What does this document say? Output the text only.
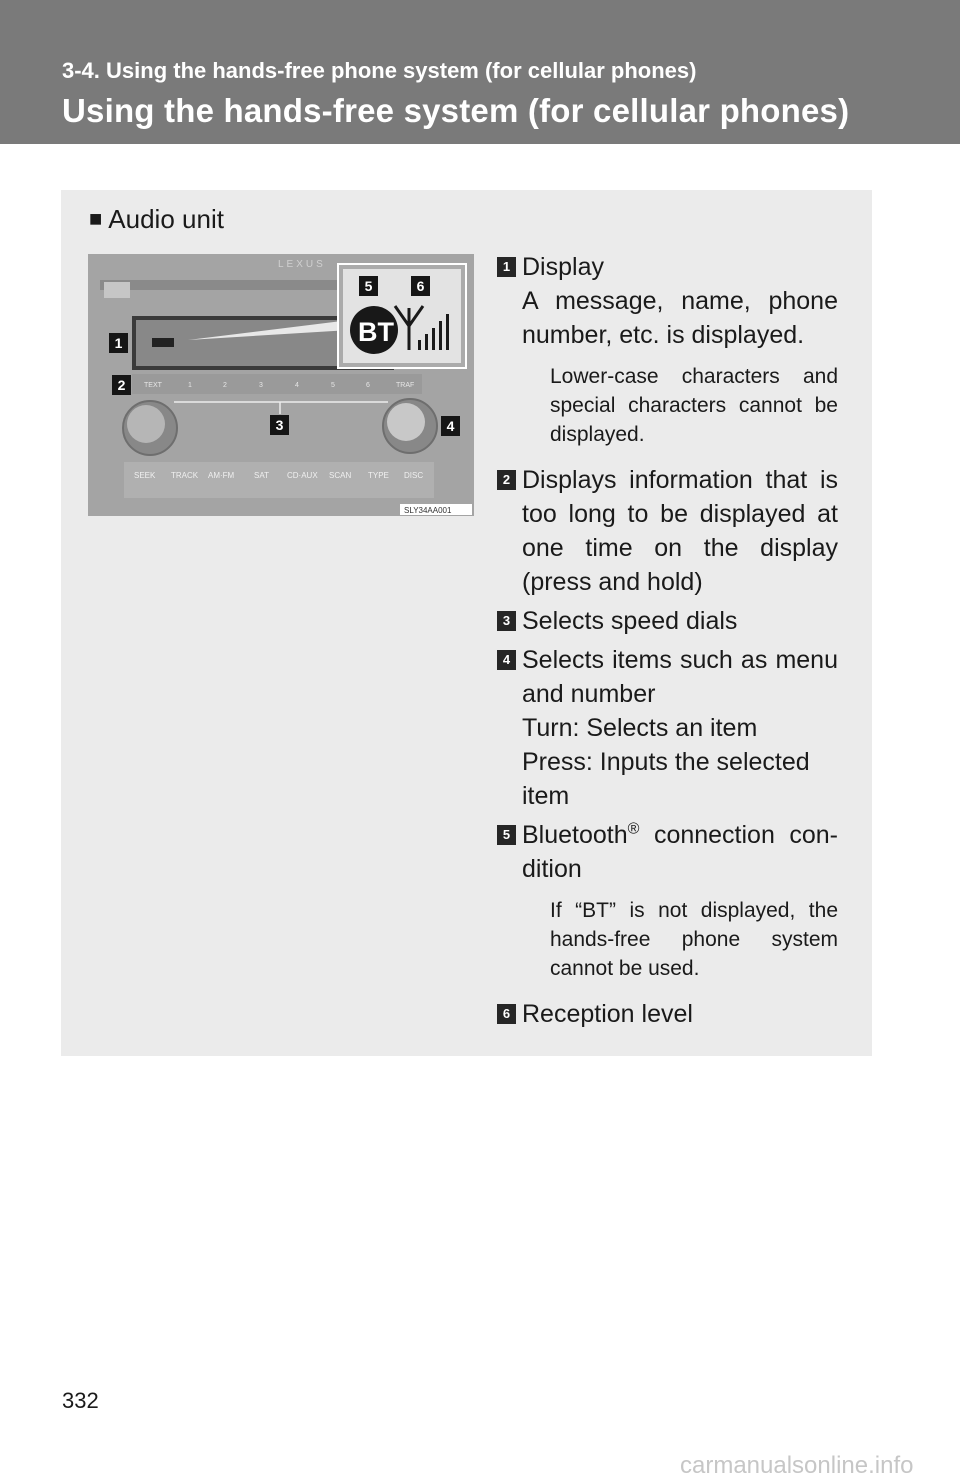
3-4. Using the hands-free phone system (for cellular phones)

Using the hands-free system (for cellular phones)
■ Audio unit
LEXUS
BT
TEXT	1	2	3	4	5	6	TRAF
SEEK TRACK AM·FM SAT CD·AUX SCAN TYPE DISC
SLY34AA001
1
2
3	4
5	6
1 Display
A message, name, phone number, etc. is displayed.
Lower-case characters and special characters cannot be displayed.
2 Displays information that is too long to be displayed at one time on the display (press and hold)
3 Selects speed dials
4 Selects items such as menu and number
Turn: Selects an item
Press: Inputs the selected item
5 Bluetooth® connection con-dition
If “BT” is not displayed, the hands-free phone system cannot be used.
6 Reception level

332

carmanualsonline.info
